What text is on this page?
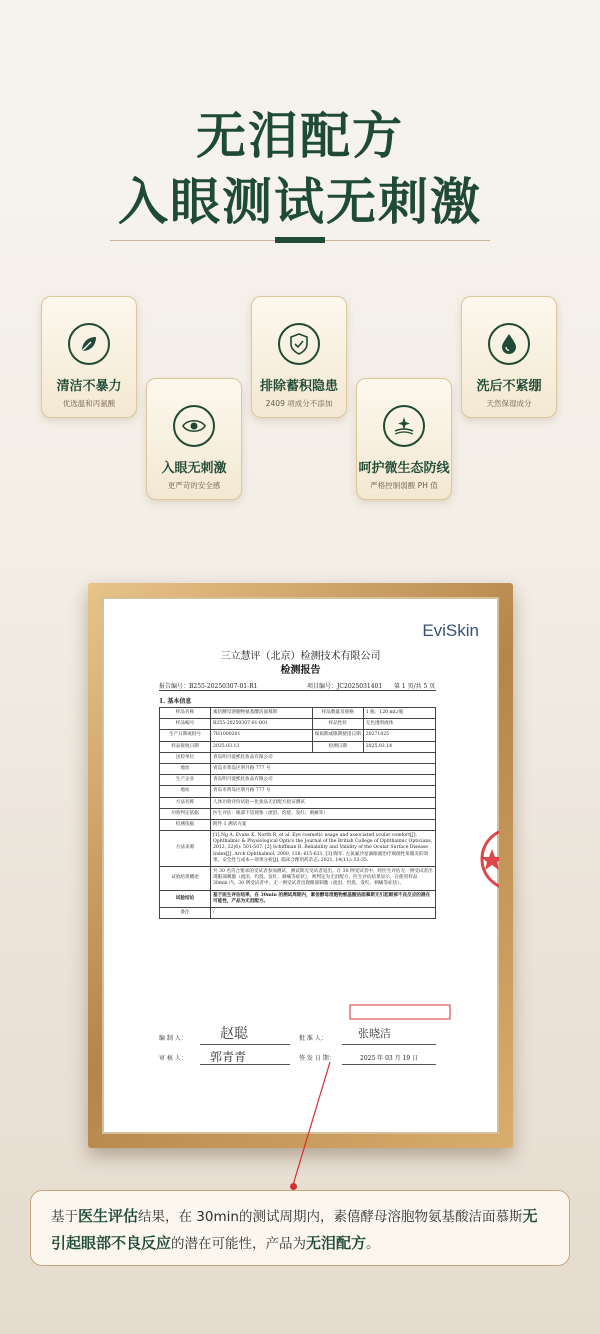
无泪配方
入眼测试无刺激
清洁不暴力
优选温和丙氨酸
入眼无刺激
更严苛的安全感
排除蓄积隐患
2409 项成分不添加
呵护微生态防线
严格控制弱酸 PH 值
洗后不紧绷
天然保湿成分
EviSkin
三立慧评（北京）检测技术有限公司
检测报告
报告编号：B255-20250307-01-R1	项目编号：JC2025031401 第 1 页/共 5 页
1. 基本信息
样品名称	素倍酵母溶胞物氨基酸洁面慕斯	样品数量及规格	1 瓶；120 mL/瓶
样品编号	B255-20250307-01-001	样品性状	无色透明液体
生产日期或批号	7H1000201	保质期或限期使用日期	20271025
样品接收日期	2025.03.13	检测日期	2025.03.14
送检单位	青岛明月爱熙化妆品有限公司		
地址	青岛市黄岛区明月路 777 号		
生产企业	青岛明月爱熙化妆品有限公司		
地址	青岛市黄岛区明月路 777 号		
方法名称	人体功效评价试验—化妆品无泪配方验证测试		
功效判定依据	医生评估：眼部不适现象（流泪、灼烧、发红、刺痛等）		
检测依据	附件 1 测试方案		
方法来源	[1] Ng A, Evans K, North R, et al. Eye cosmetic usage and associated ocular comfort[J]. Ophthalmic & Physiological Optics the Journal of the British College of Ophthalmic Opticians, 2012, 32(6): 501-507. [2] Schiffman R. Reliability and Validity of the Ocular Surface Disease Index[J]. Arch Ophthalmol, 2000, 118: 615-621. [3] 陶军. 左氧氟沙星滴眼液治疗细菌性角膜炎的效果、安全性与成本—效果分析[J]. 临床合理用药杂志, 2021, 14(11): 33-35.		
试验结果概述	共 30 名符合要求的受试者参加测试，测试期无受试者退出。在 30 例受试者中，经医生评估无一例受试者出现眼部刺激（流泪、灼烧、发红、刺痛等症状），则判定为无泪配方。医生评估结果显示，在使用样品 30min 内，30 例受试者中，无一例受试者出现眼部刺激（流泪、灼烧、发红、刺痛等症状）。		
试验结论	基于医生评估结果，在 30min 的测试周期内，素倍酵母溶胞物氨基酸洁面慕斯无引起眼部不良反应的潜在可能性，产品为无泪配方。		
备注	/		
编 制 人： 赵聪	批 准 人：	张晓洁
审 核 人： 郭青青	签 发 日 期：	2025 年 03 月 19 日
基于医生评估结果，在 30min的测试周期内，素僖酵母溶胞物氨基酸洁面慕斯无引起眼部不良反应的潜在可能性，产品为无泪配方。
